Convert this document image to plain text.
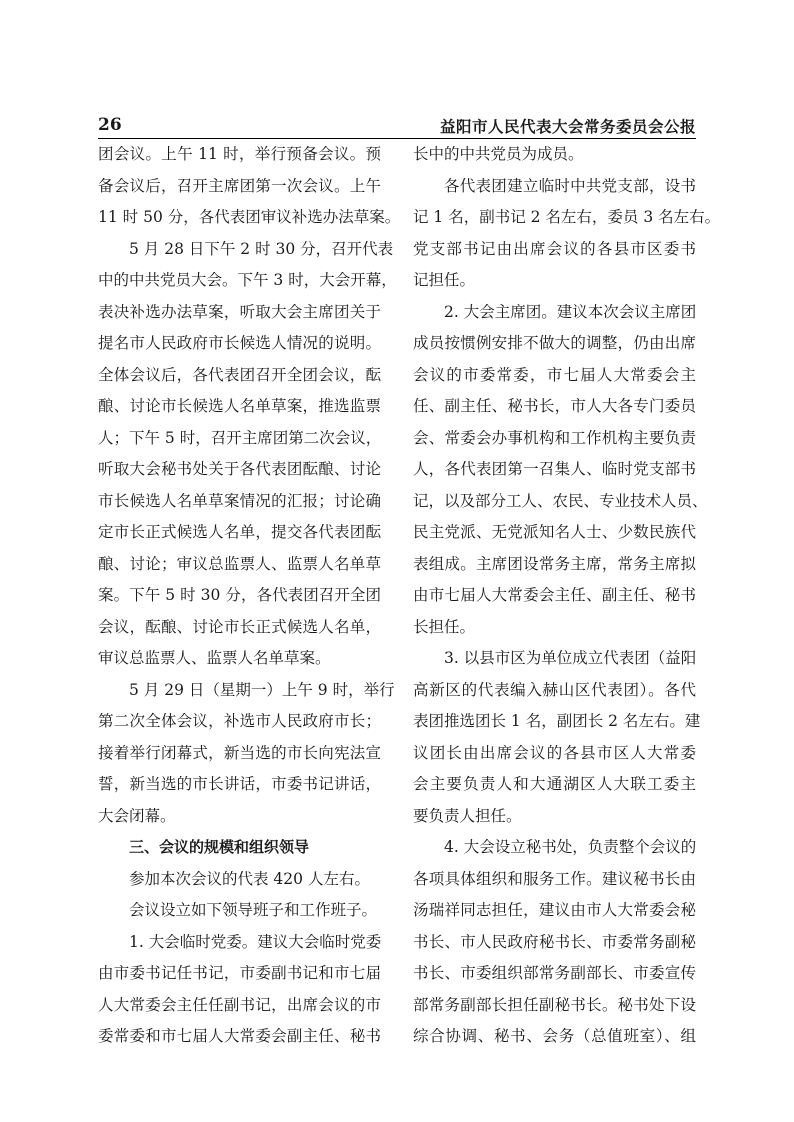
26	益阳市人民代表大会常务委员会公报
团会议。上午 11 时，举行预备会议。预
备会议后，召开主席团第一次会议。上午
11 时 50 分，各代表团审议补选办法草案。
5 月 28 日下午 2 时 30 分，召开代表
中的中共党员大会。下午 3 时，大会开幕，
表决补选办法草案，听取大会主席团关于
提名市人民政府市长候选人情况的说明。
全体会议后，各代表团召开全团会议，酝
酿、讨论市长候选人名单草案，推选监票
人；下午 5 时，召开主席团第二次会议，
听取大会秘书处关于各代表团酝酿、讨论
市长候选人名单草案情况的汇报；讨论确
定市长正式候选人名单，提交各代表团酝
酿、讨论；审议总监票人、监票人名单草
案。下午 5 时 30 分，各代表团召开全团
会议，酝酿、讨论市长正式候选人名单，
审议总监票人、监票人名单草案。
5 月 29 日（星期一）上午 9 时，举行
第二次全体会议，补选市人民政府市长；
接着举行闭幕式，新当选的市长向宪法宣
誓，新当选的市长讲话，市委书记讲话，
大会闭幕。
三、会议的规模和组织领导
参加本次会议的代表 420 人左右。
会议设立如下领导班子和工作班子。
1. 大会临时党委。建议大会临时党委
由市委书记任书记，市委副书记和市七届
人大常委会主任任副书记，出席会议的市
委常委和市七届人大常委会副主任、秘书
长中的中共党员为成员。
各代表团建立临时中共党支部，设书
记 1 名，副书记 2 名左右，委员 3 名左右。
党支部书记由出席会议的各县市区委书
记担任。
2. 大会主席团。建议本次会议主席团
成员按惯例安排不做大的调整，仍由出席
会议的市委常委，市七届人大常委会主
任、副主任、秘书长，市人大各专门委员
会、常委会办事机构和工作机构主要负责
人，各代表团第一召集人、临时党支部书
记，以及部分工人、农民、专业技术人员、
民主党派、无党派知名人士、少数民族代
表组成。主席团设常务主席，常务主席拟
由市七届人大常委会主任、副主任、秘书
长担任。
3. 以县市区为单位成立代表团（益阳
高新区的代表编入赫山区代表团）。各代
表团推选团长 1 名，副团长 2 名左右。建
议团长由出席会议的各县市区人大常委
会主要负责人和大通湖区人大联工委主
要负责人担任。
4. 大会设立秘书处，负责整个会议的
各项具体组织和服务工作。建议秘书长由
汤瑞祥同志担任，建议由市人大常委会秘
书长、市人民政府秘书长、市委常务副秘
书长、市委组织部常务副部长、市委宣传
部常务副部长担任副秘书长。秘书处下设
综合协调、秘书、会务（总值班室）、组
